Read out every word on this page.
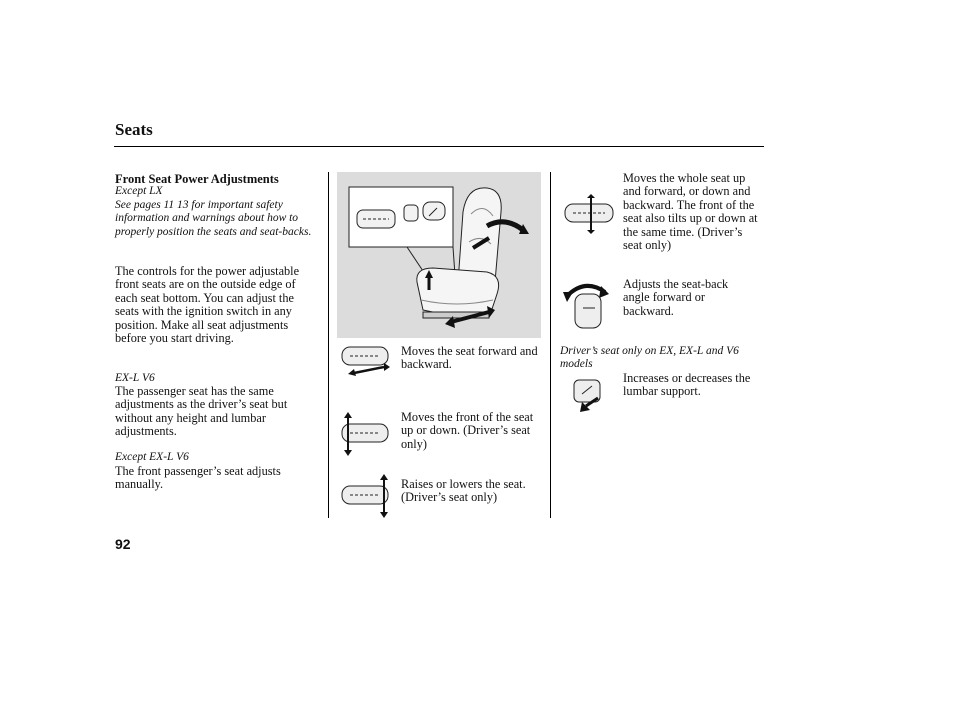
Seats
Front Seat Power Adjustments
Except LX
See pages 11 13 for important safety information and warnings about how to properly position the seats and seat-backs.
The controls for the power adjustable front seats are on the outside edge of each seat bottom. You can adjust the seats with the ignition switch in any position. Make all seat adjustments before you start driving.
EX-L V6
The passenger seat has the same adjustments as the driver’s seat but without any height and lumbar adjustments.
Except EX-L V6
The front passenger’s seat adjusts manually.
Moves the seat forward and backward.
Moves the front of the seat up or down. (Driver’s seat only)
Raises or lowers the seat. (Driver’s seat only)
Moves the whole seat up and forward, or down and backward. The front of the seat also tilts up or down at the same time. (Driver’s seat only)
Adjusts the seat-back angle forward or backward.
Driver’s seat only on EX, EX-L and V6 models
Increases or decreases the lumbar support.
92
